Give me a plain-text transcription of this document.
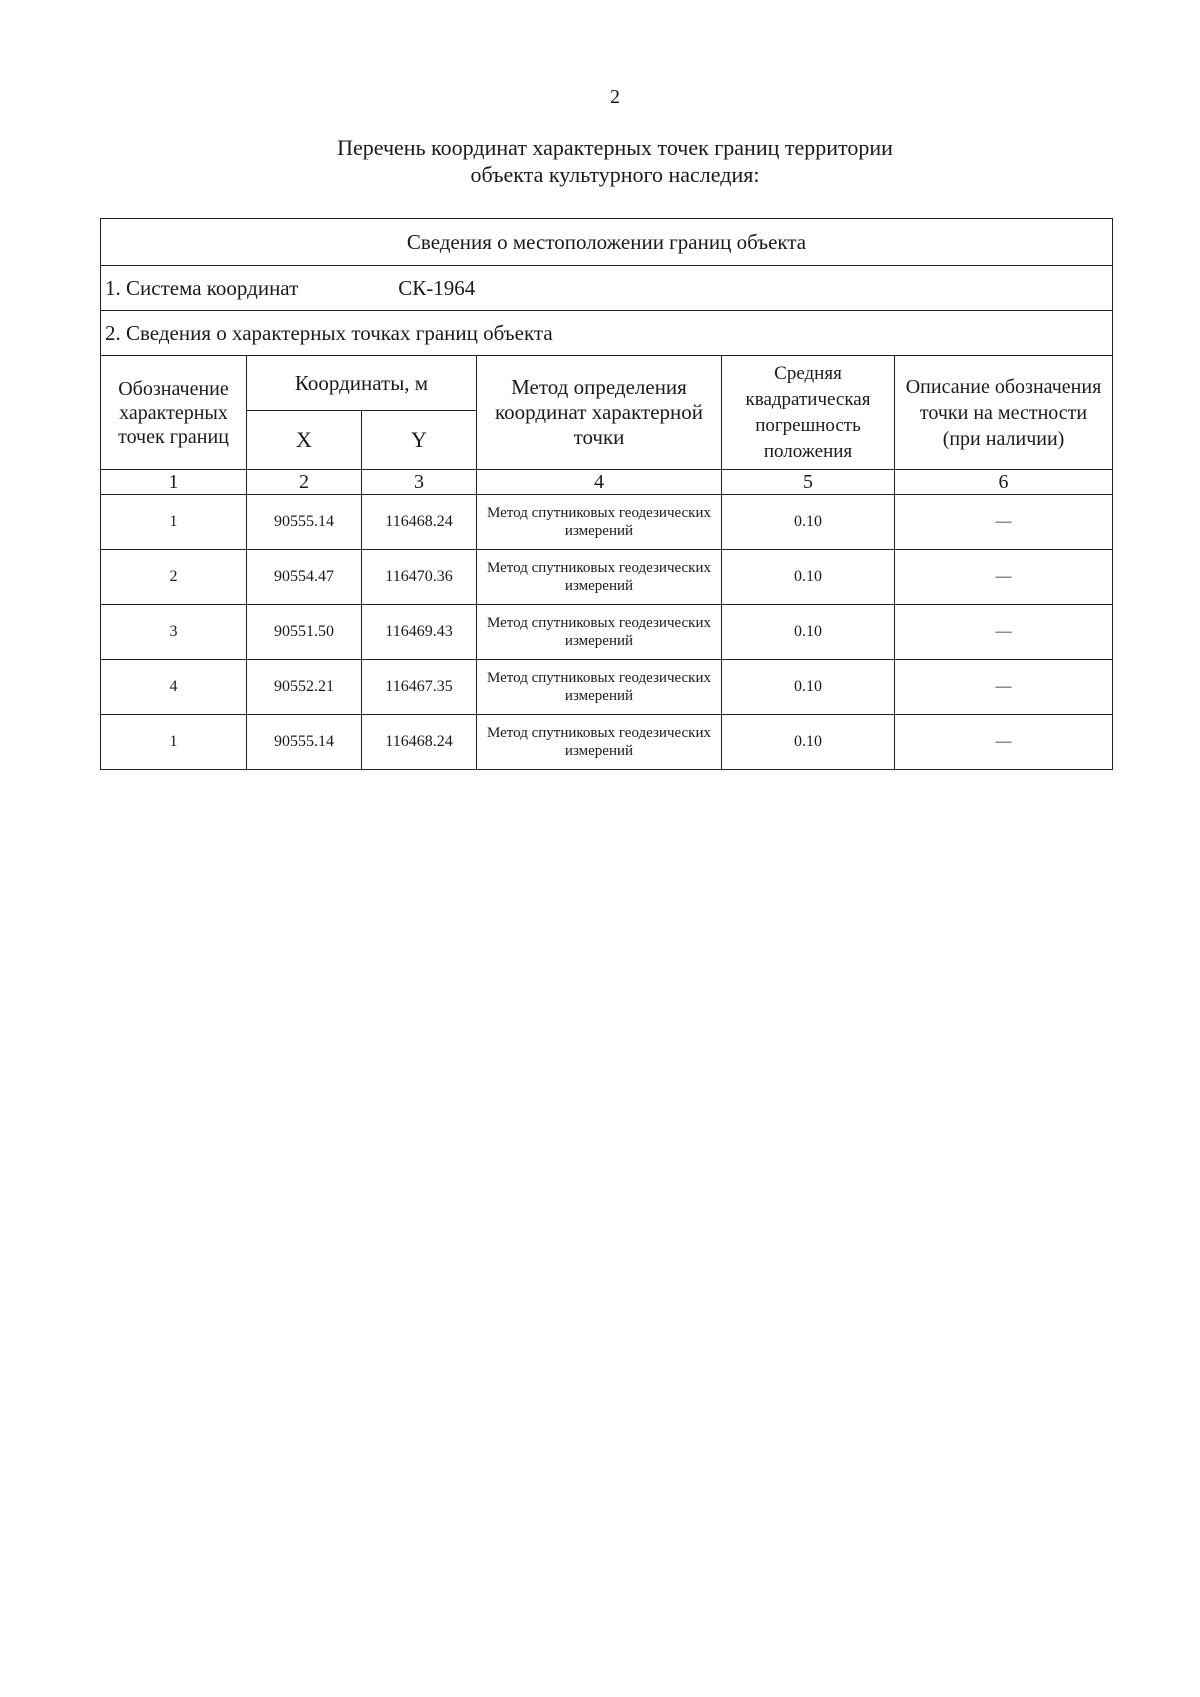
2
Перечень координат характерных точек границ территории
объекта культурного наследия:
Сведения о местоположении границ объекта					

1. Система координат СК-1964					

2. Сведения о характерных точках границ объекта					
Обозначение характерных точек границ	Координаты, м		Метод определения координат характерной точки	Средняя квадратическая погрешность положения	Описание обозначения точки на местности (при наличии)
	X	Y			
1	2	3	4	5	6
1	90555.14	116468.24	Метод спутниковых геодезических измерений	0.10	—
2	90554.47	116470.36	Метод спутниковых геодезических измерений	0.10	—
3	90551.50	116469.43	Метод спутниковых геодезических измерений	0.10	—
4	90552.21	116467.35	Метод спутниковых геодезических измерений	0.10	—
1	90555.14	116468.24	Метод спутниковых геодезических измерений	0.10	—
